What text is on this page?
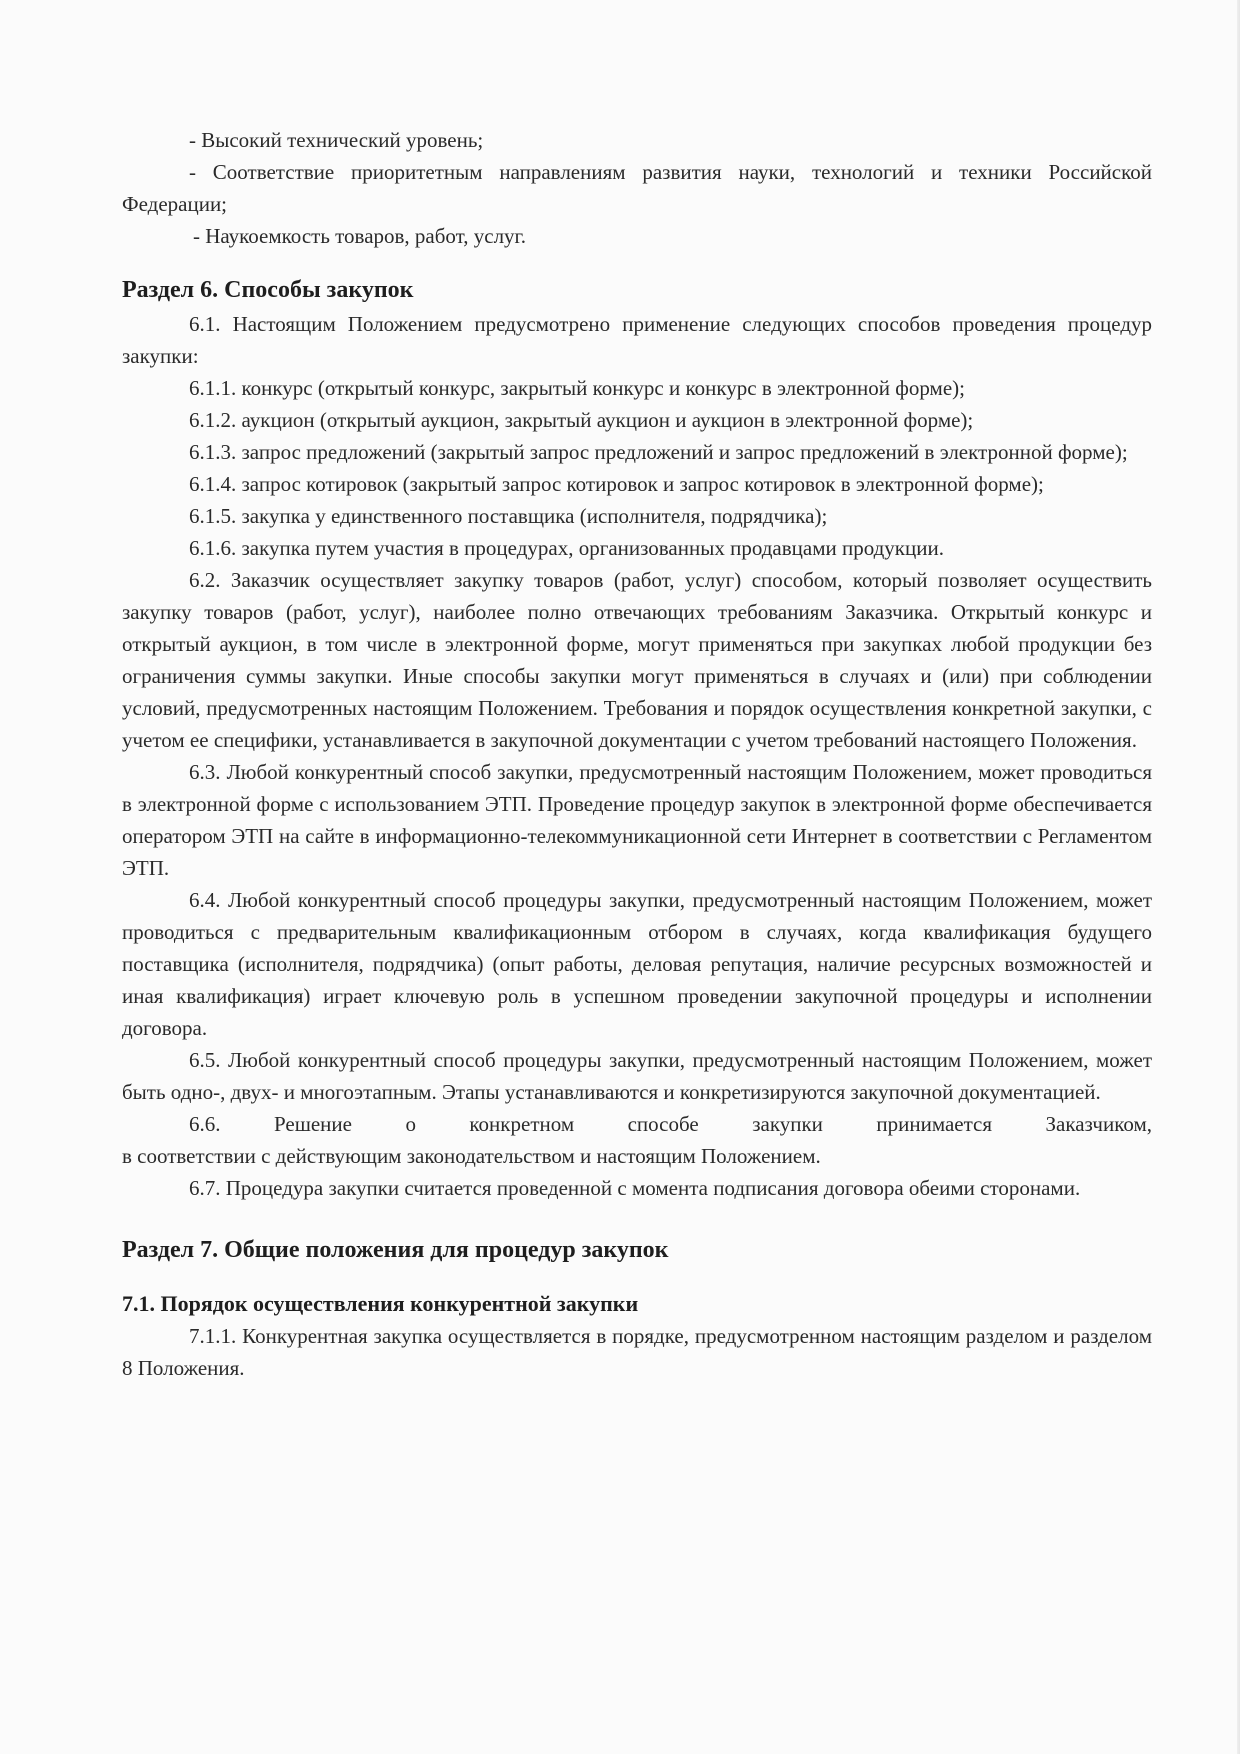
- Высокий технический уровень;

- Соответствие приоритетным направлениям развития науки, технологий и техники Российской Федерации;

- Наукоемкость товаров, работ, услуг.

Раздел 6. Способы закупок

6.1. Настоящим Положением предусмотрено применение следующих способов проведения процедур закупки:

6.1.1. конкурс (открытый конкурс, закрытый конкурс и конкурс в электронной форме);

6.1.2. аукцион (открытый аукцион, закрытый аукцион и аукцион в электронной форме);

6.1.3. запрос предложений (закрытый запрос предложений и запрос предложений в электронной форме);

6.1.4. запрос котировок (закрытый запрос котировок и запрос котировок в электронной форме);

6.1.5. закупка у единственного поставщика (исполнителя, подрядчика);

6.1.6. закупка путем участия в процедурах, организованных продавцами продукции.

6.2. Заказчик осуществляет закупку товаров (работ, услуг) способом, который позволяет осуществить закупку товаров (работ, услуг), наиболее полно отвечающих требованиям Заказчика. Открытый конкурс и открытый аукцион, в том числе в электронной форме, могут применяться при закупках любой продукции без ограничения суммы закупки. Иные способы закупки могут применяться в случаях и (или) при соблюдении условий, предусмотренных настоящим Положением. Требования и порядок осуществления конкретной закупки, с учетом ее специфики, устанавливается в закупочной документации с учетом требований настоящего Положения.

6.3. Любой конкурентный способ закупки, предусмотренный настоящим Положением, может проводиться в электронной форме с использованием ЭТП. Проведение процедур закупок в электронной форме обеспечивается оператором ЭТП на сайте в информационно-телекоммуникационной сети Интернет в соответствии с Регламентом ЭТП.

6.4. Любой конкурентный способ процедуры закупки, предусмотренный настоящим Положением, может проводиться с предварительным квалификационным отбором в случаях, когда квалификация будущего поставщика (исполнителя, подрядчика) (опыт работы, деловая репутация, наличие ресурсных возможностей и иная квалификация) играет ключевую роль в успешном проведении закупочной процедуры и исполнении договора.

6.5. Любой конкурентный способ процедуры закупки, предусмотренный настоящим Положением, может быть одно-, двух- и многоэтапным. Этапы устанавливаются и конкретизируются закупочной документацией.

6.6.	Решение	о	конкретном	способе	закупки	принимается	Заказчиком,

в соответствии с действующим законодательством и настоящим Положением.

6.7. Процедура закупки считается проведенной с момента подписания договора обеими сторонами.

Раздел 7. Общие положения для процедур закупок
7.1. Порядок осуществления конкурентной закупки

7.1.1. Конкурентная закупка осуществляется в порядке, предусмотренном настоящим разделом и разделом 8 Положения.
